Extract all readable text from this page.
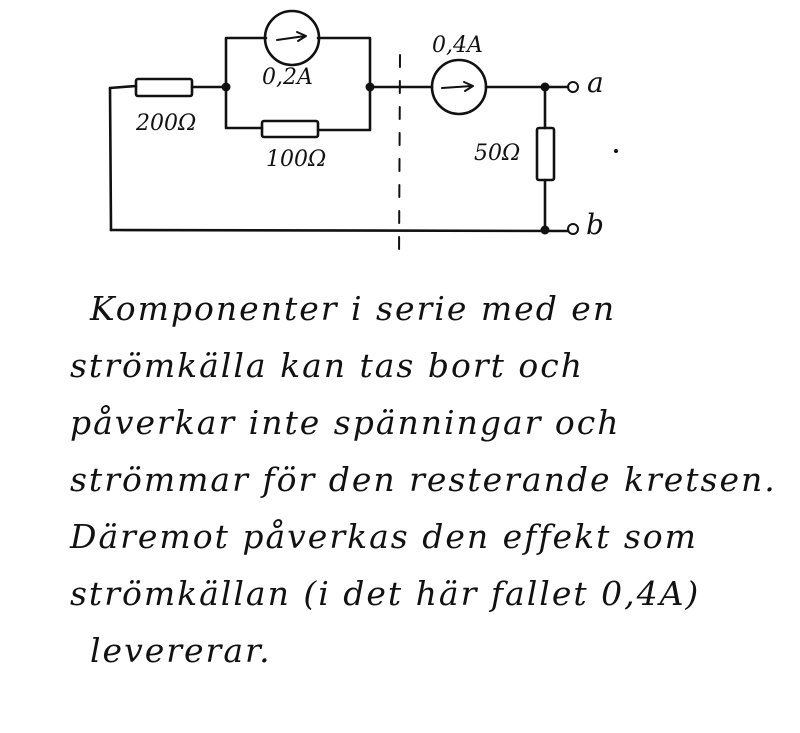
200Ω
100Ω	50Ω
0,2A
0,4A
a
b
Komponenter i serie med en
strömkälla kan tas bort och
påverkar inte spänningar och
strömmar för den resterande kretsen.
Däremot påverkas den effekt som
strömkällan (i det här fallet 0,4A)
levererar.
